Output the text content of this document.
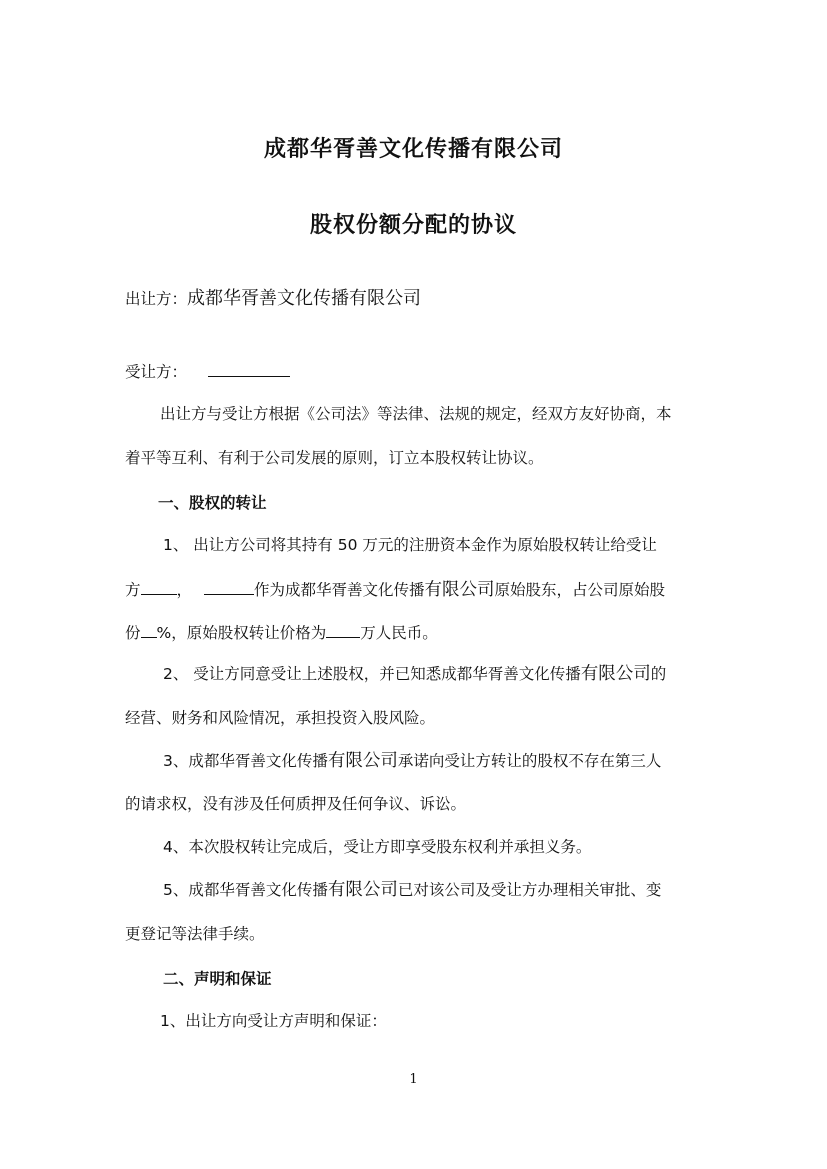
成都华胥善文化传播有限公司
股权份额分配的协议
出让方：成都华胥善文化传播有限公司
受让方：
出让方与受让方根据《公司法》等法律、法规的规定，经双方友好协商，本
着平等互利、有利于公司发展的原则，订立本股权转让协议。
一、股权的转让
1、 出让方公司将其持有 50 万元的注册资本金作为原始股权转让给受让
方 ，	作为成都华胥善文化传播有限公司原始股东，占公司原始股
份 %，原始股权转让价格为 万人民币。
2、 受让方同意受让上述股权，并已知悉成都华胥善文化传播有限公司的
经营、财务和风险情况，承担投资入股风险。
3、成都华胥善文化传播有限公司承诺向受让方转让的股权不存在第三人
的请求权，没有涉及任何质押及任何争议、诉讼。
4、本次股权转让完成后，受让方即享受股东权利并承担义务。
5、成都华胥善文化传播有限公司已对该公司及受让方办理相关审批、变
更登记等法律手续。
二、声明和保证
1、出让方向受让方声明和保证：
1
